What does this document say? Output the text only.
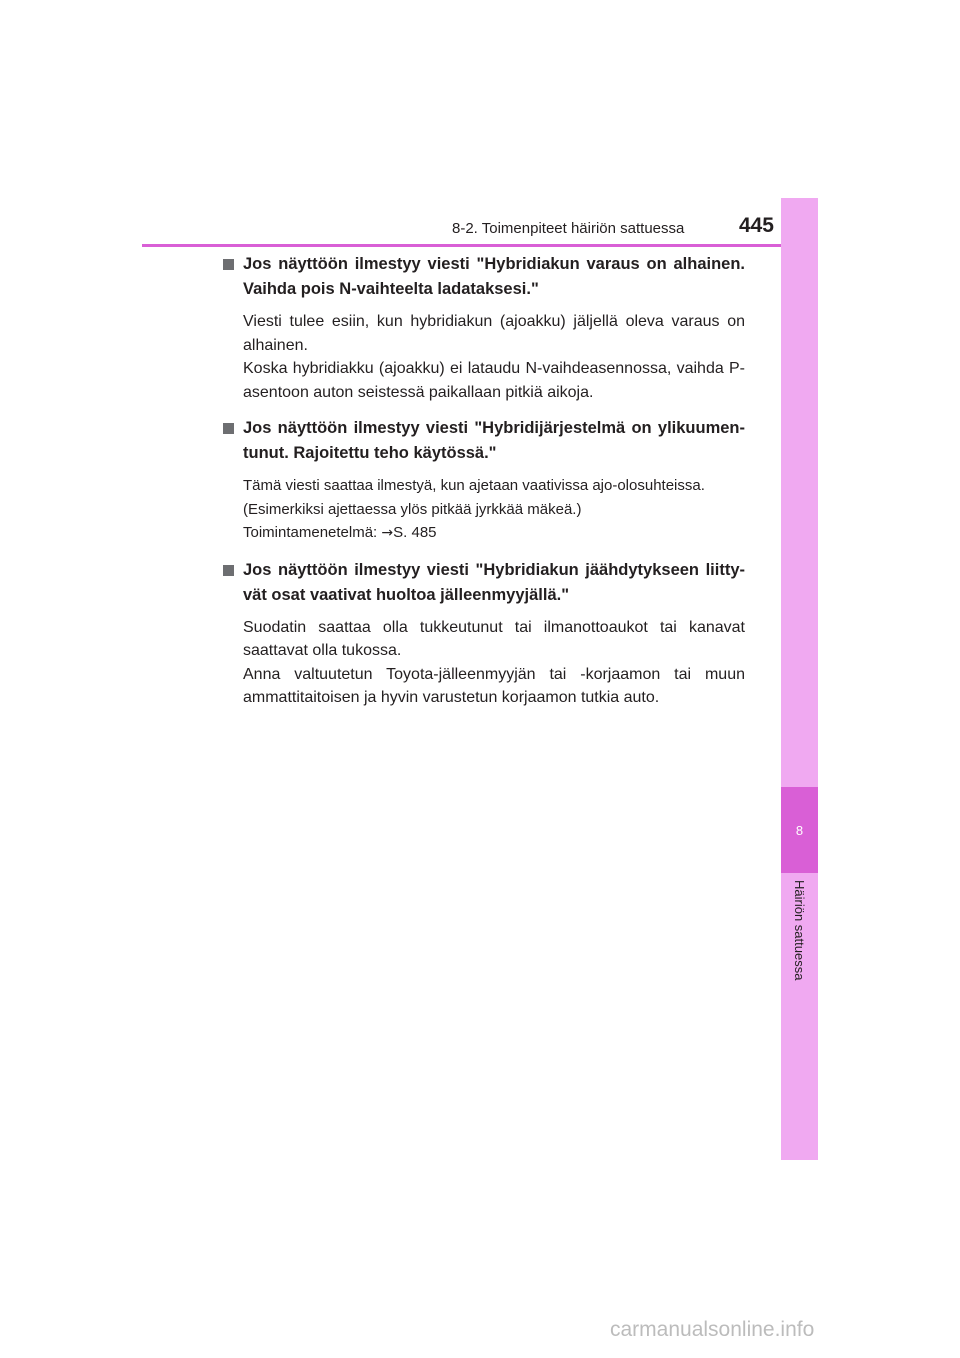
8-2. Toimenpiteet häiriön sattuessa	445
8
Häiriön sattuessa
Jos näyttöön ilmestyy viesti "Hybridiakun varaus on alhainen. Vaihda pois N-vaihteelta ladataksesi."
Viesti tulee esiin, kun hybridiakun (ajoakku) jäljellä oleva varaus on alhainen.
Koska hybridiakku (ajoakku) ei lataudu N-vaihdeasennossa, vaihda P-asentoon auton seistessä paikallaan pitkiä aikoja.
Jos näyttöön ilmestyy viesti "Hybridijärjestelmä on ylikuumen-tunut. Rajoitettu teho käytössä."
Tämä viesti saattaa ilmestyä, kun ajetaan vaativissa ajo-olosuhteissa.
(Esimerkiksi ajettaessa ylös pitkää jyrkkää mäkeä.)
Toimintamenetelmä: →S. 485
Jos näyttöön ilmestyy viesti "Hybridiakun jäähdytykseen liitty-vät osat vaativat huoltoa jälleenmyyjällä."
Suodatin saattaa olla tukkeutunut tai ilmanottoaukot tai kanavat saattavat olla tukossa.
Anna valtuutetun Toyota-jälleenmyyjän tai -korjaamon tai muun ammattitaitoisen ja hyvin varustetun korjaamon tutkia auto.
carmanualsonline.info
